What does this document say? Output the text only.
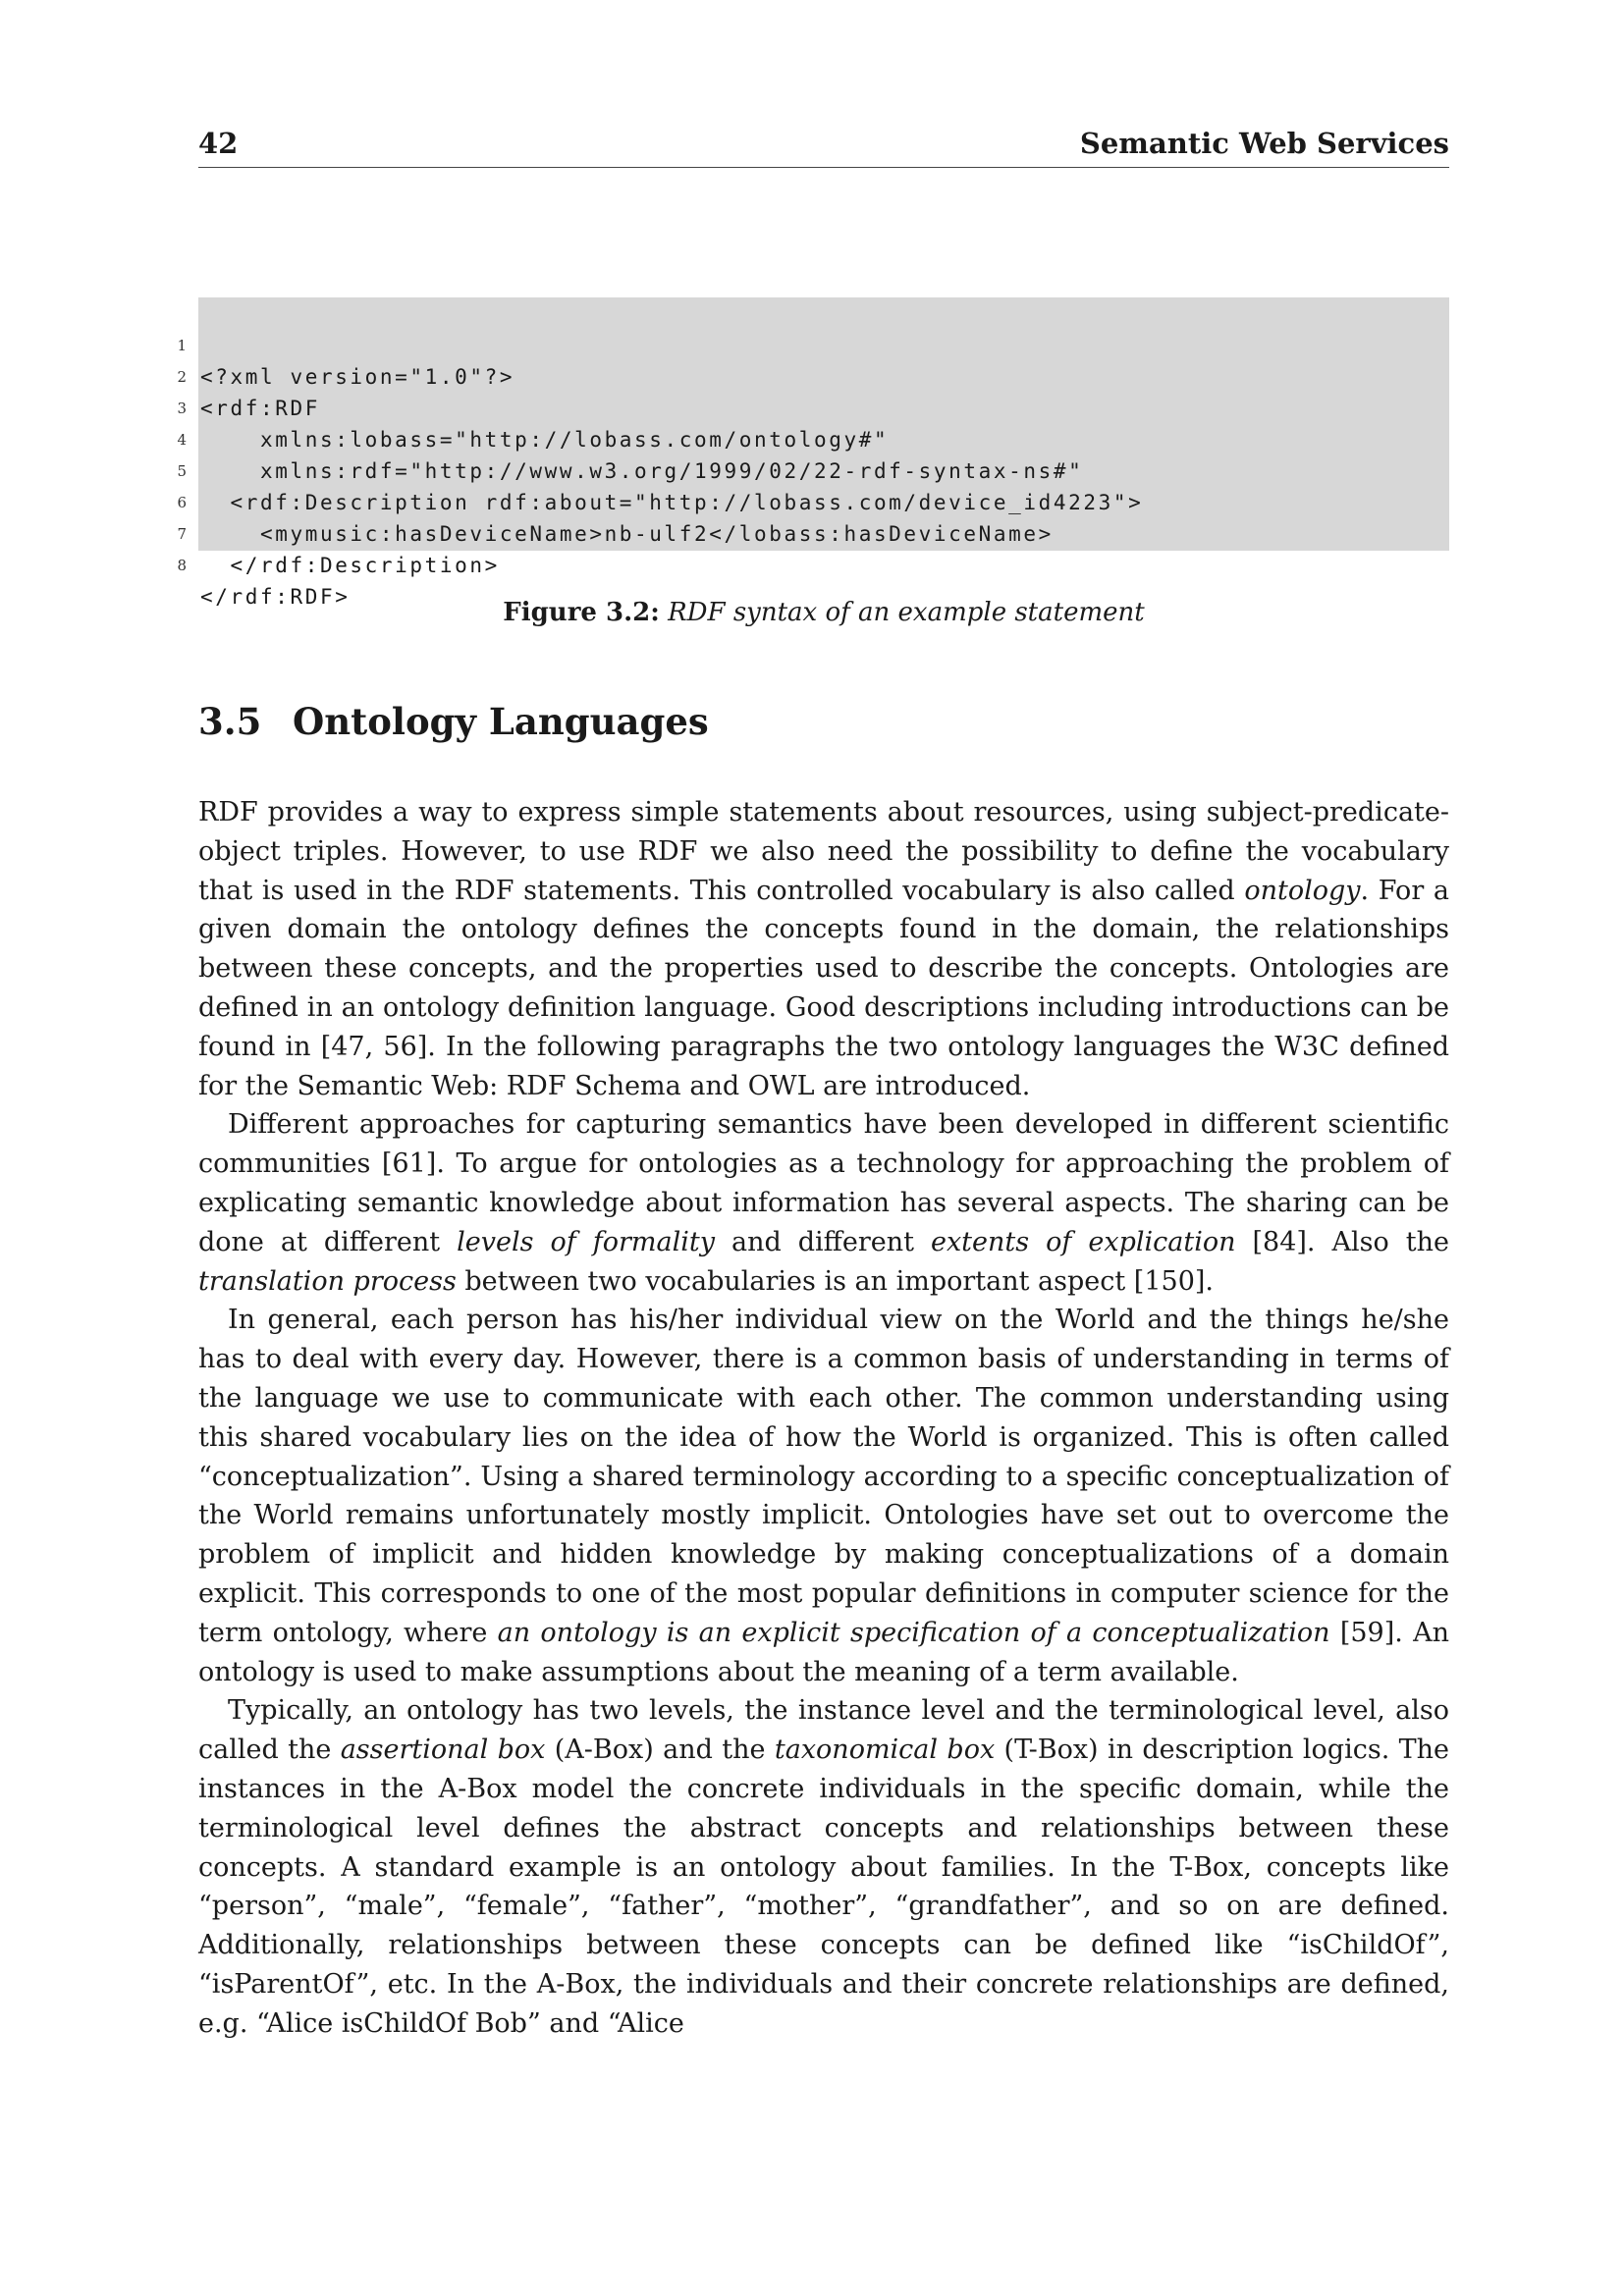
42	Semantic Web Services

1

<?xml version="1.0"?>

2

<rdf:RDF

3

xmlns:lobass="http://lobass.com/ontology#"

4

xmlns:rdf="http://www.w3.org/1999/02/22-rdf-syntax-ns#"

5

<rdf:Description rdf:about="http://lobass.com/device_id4223">

6

<mymusic:hasDeviceName>nb-ulf2</lobass:hasDeviceName>

7

</rdf:Description>

8

</rdf:RDF>

Figure 3.2: RDF syntax of an example statement
3.5 Ontology Languages

RDF provides a way to express simple statements about resources, using subject-predicate-object triples. However, to use RDF we also need the possibility to define the vocabulary that is used in the RDF statements. This controlled vocabulary is also called ontology. For a given domain the ontology defines the concepts found in the domain, the relationships between these concepts, and the properties used to describe the concepts. Ontologies are defined in an ontology definition language. Good descriptions including introductions can be found in [47, 56]. In the following paragraphs the two ontology languages the W3C defined for the Semantic Web: RDF Schema and OWL are introduced.

Different approaches for capturing semantics have been developed in different scientific communities [61]. To argue for ontologies as a technology for approaching the problem of explicating semantic knowledge about information has several aspects. The sharing can be done at different levels of formality and different extents of explication [84]. Also the translation process between two vocabularies is an important aspect [150].

In general, each person has his/her individual view on the World and the things he/she has to deal with every day. However, there is a common basis of understanding in terms of the language we use to communicate with each other. The common understanding using this shared vocabulary lies on the idea of how the World is organized. This is often called “conceptualization”. Using a shared terminology according to a specific conceptualization of the World remains unfortunately mostly implicit. Ontologies have set out to overcome the problem of implicit and hidden knowledge by making conceptualizations of a domain explicit. This corresponds to one of the most popular definitions in computer science for the term ontology, where an ontology is an explicit specification of a conceptualization [59]. An ontology is used to make assumptions about the meaning of a term available.

Typically, an ontology has two levels, the instance level and the terminological level, also called the assertional box (A-Box) and the taxonomical box (T-Box) in description logics. The instances in the A-Box model the concrete individuals in the specific domain, while the terminological level defines the abstract concepts and relationships between these concepts. A standard example is an ontology about families. In the T-Box, concepts like “person”, “male”, “female”, “father”, “mother”, “grandfather”, and so on are defined. Additionally, relationships between these concepts can be defined like “isChildOf”, “isParentOf”, etc. In the A-Box, the individuals and their concrete relationships are defined, e.g. “Alice isChildOf Bob” and “Alice
